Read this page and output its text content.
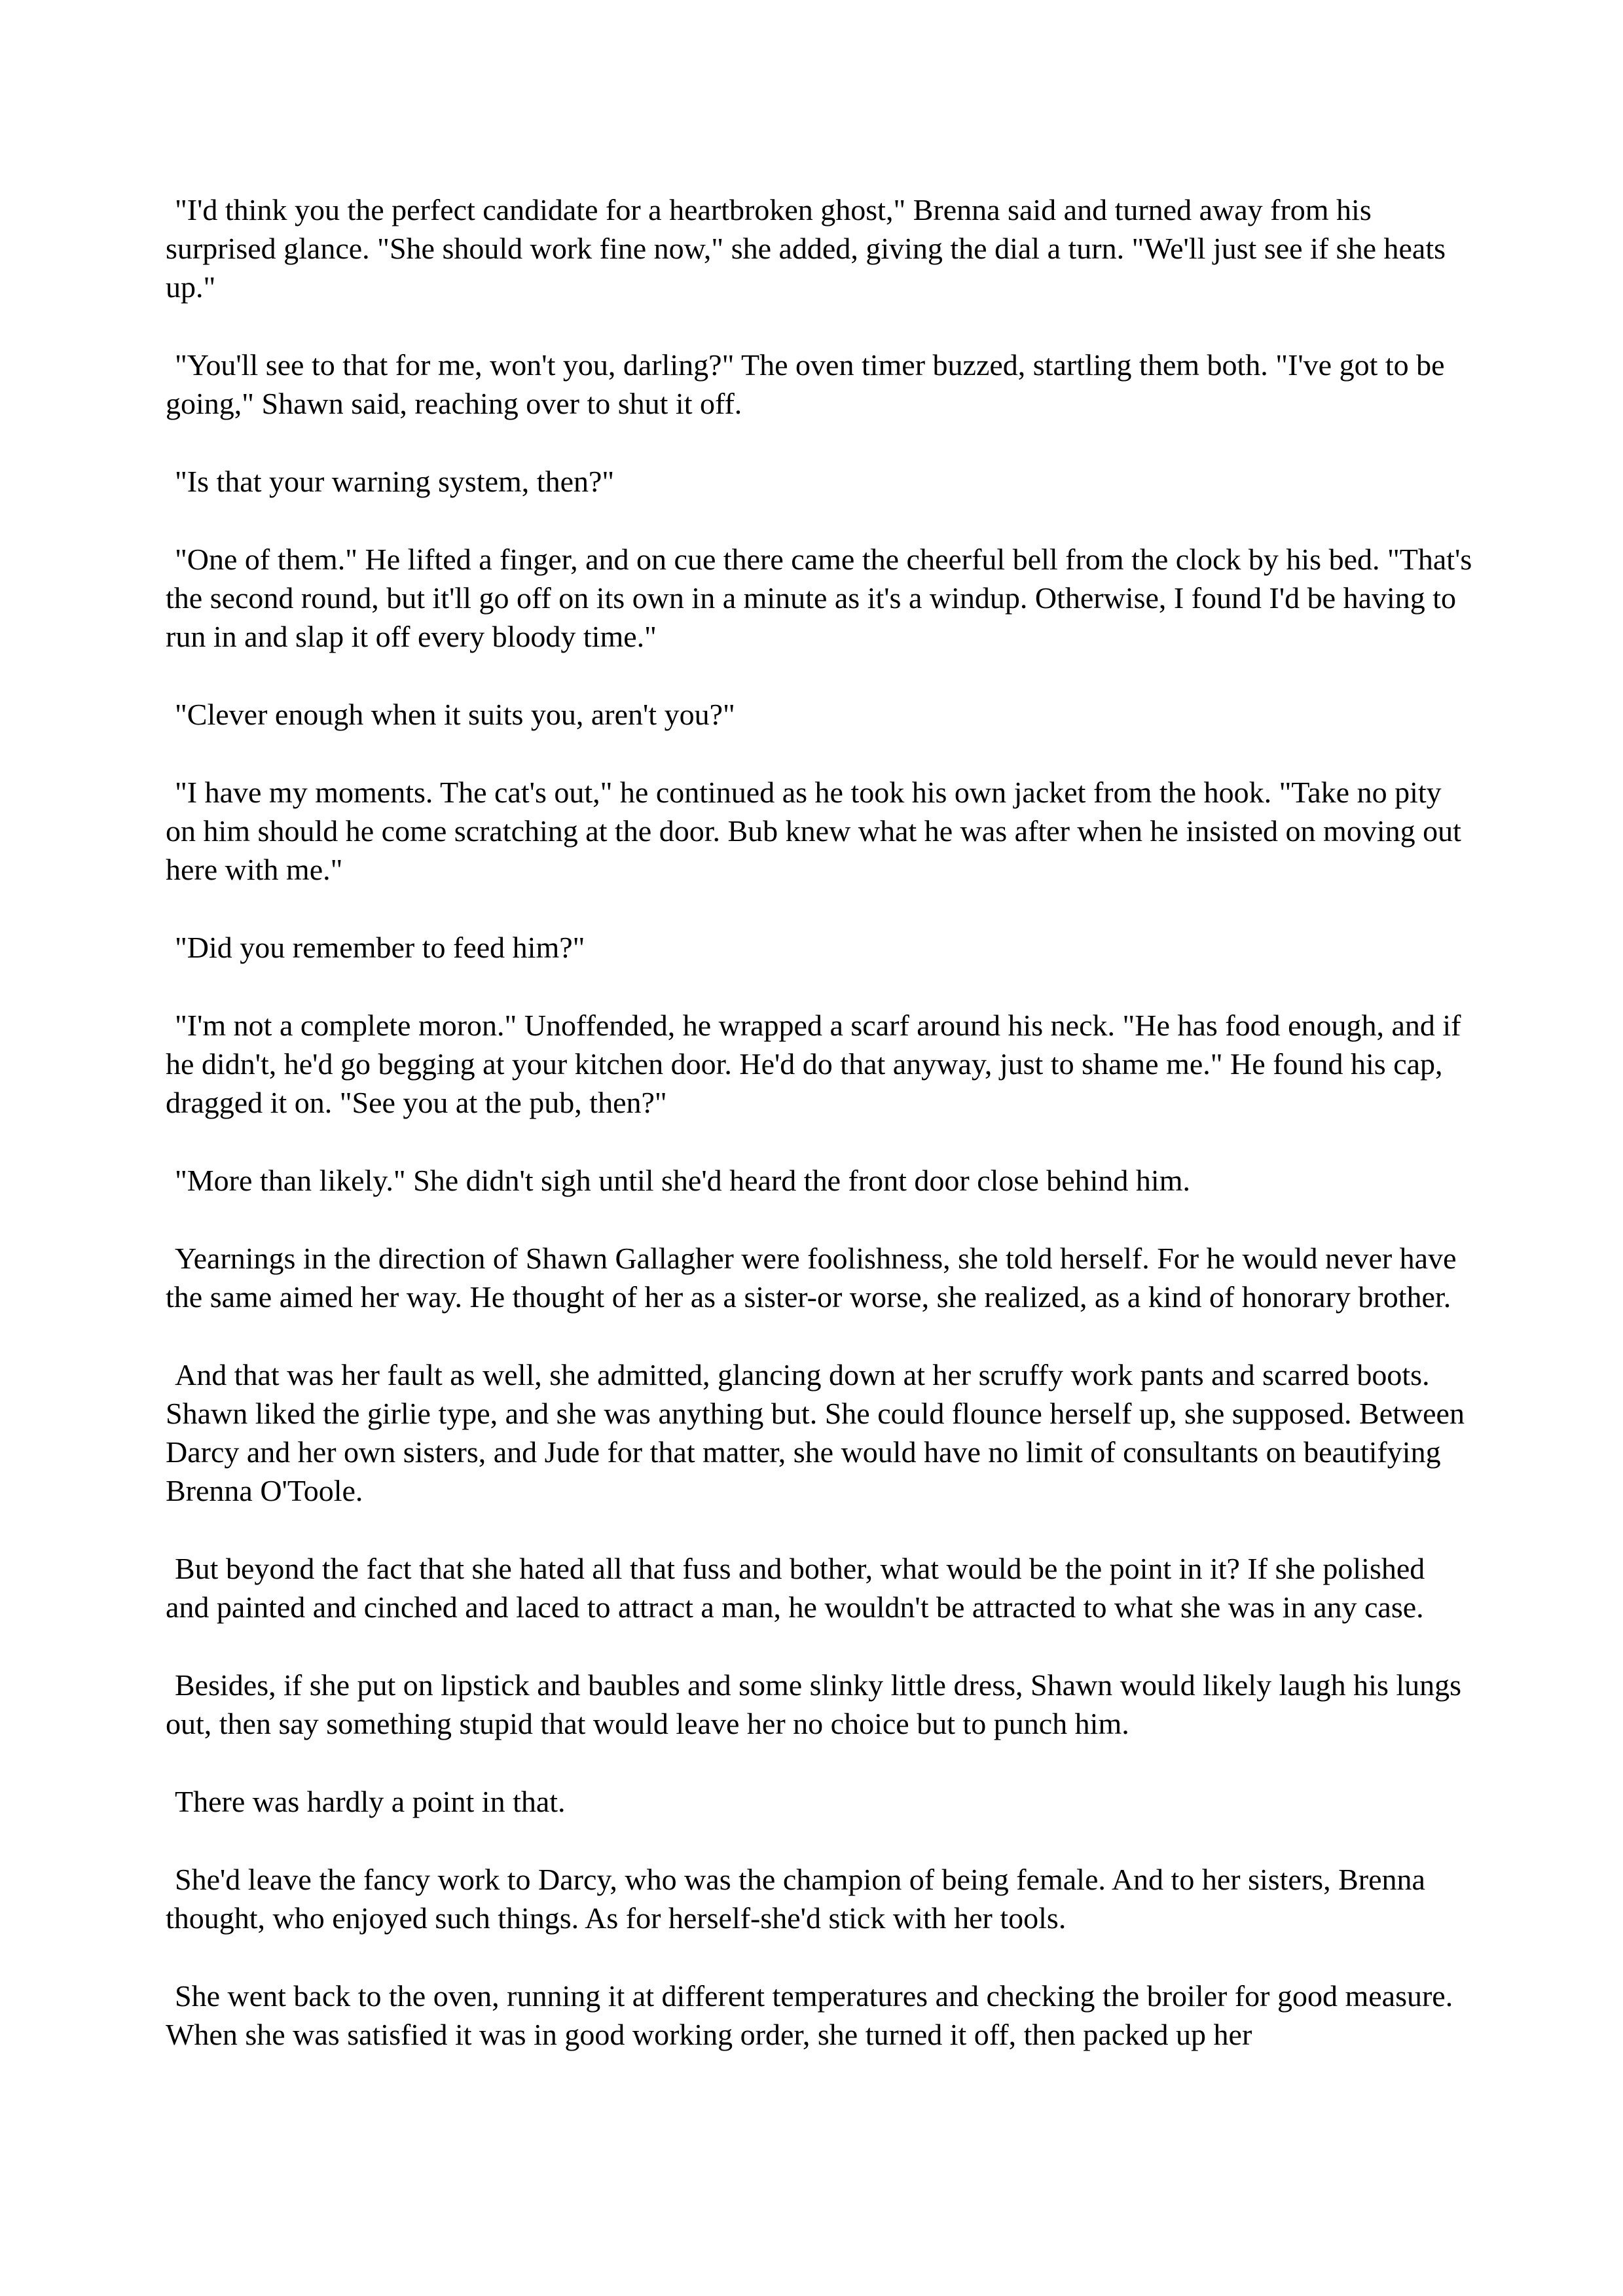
"I'd think you the perfect candidate for a heartbroken ghost," Brenna said and turned away from his surprised glance. "She should work fine now," she added, giving the dial a turn. "We'll just see if she heats up."

"You'll see to that for me, won't you, darling?" The oven timer buzzed, startling them both. "I've got to be going," Shawn said, reaching over to shut it off.

"Is that your warning system, then?"

"One of them." He lifted a finger, and on cue there came the cheerful bell from the clock by his bed. "That's the second round, but it'll go off on its own in a minute as it's a windup. Otherwise, I found I'd be having to run in and slap it off every bloody time."

"Clever enough when it suits you, aren't you?"

"I have my moments. The cat's out," he continued as he took his own jacket from the hook. "Take no pity on him should he come scratching at the door. Bub knew what he was after when he insisted on moving out here with me."

"Did you remember to feed him?"

"I'm not a complete moron." Unoffended, he wrapped a scarf around his neck. "He has food enough, and if he didn't, he'd go begging at your kitchen door. He'd do that anyway, just to shame me." He found his cap, dragged it on. "See you at the pub, then?"

"More than likely." She didn't sigh until she'd heard the front door close behind him.

Yearnings in the direction of Shawn Gallagher were foolishness, she told herself. For he would never have the same aimed her way. He thought of her as a sister-or worse, she realized, as a kind of honorary brother.

And that was her fault as well, she admitted, glancing down at her scruffy work pants and scarred boots. Shawn liked the girlie type, and she was anything but. She could flounce herself up, she supposed. Between Darcy and her own sisters, and Jude for that matter, she would have no limit of consultants on beautifying Brenna O'Toole.

But beyond the fact that she hated all that fuss and bother, what would be the point in it? If she polished and painted and cinched and laced to attract a man, he wouldn't be attracted to what she was in any case.

Besides, if she put on lipstick and baubles and some slinky little dress, Shawn would likely laugh his lungs out, then say something stupid that would leave her no choice but to punch him.

There was hardly a point in that.

She'd leave the fancy work to Darcy, who was the champion of being female. And to her sisters, Brenna thought, who enjoyed such things. As for herself-she'd stick with her tools.

She went back to the oven, running it at different temperatures and checking the broiler for good measure. When she was satisfied it was in good working order, she turned it off, then packed up her
